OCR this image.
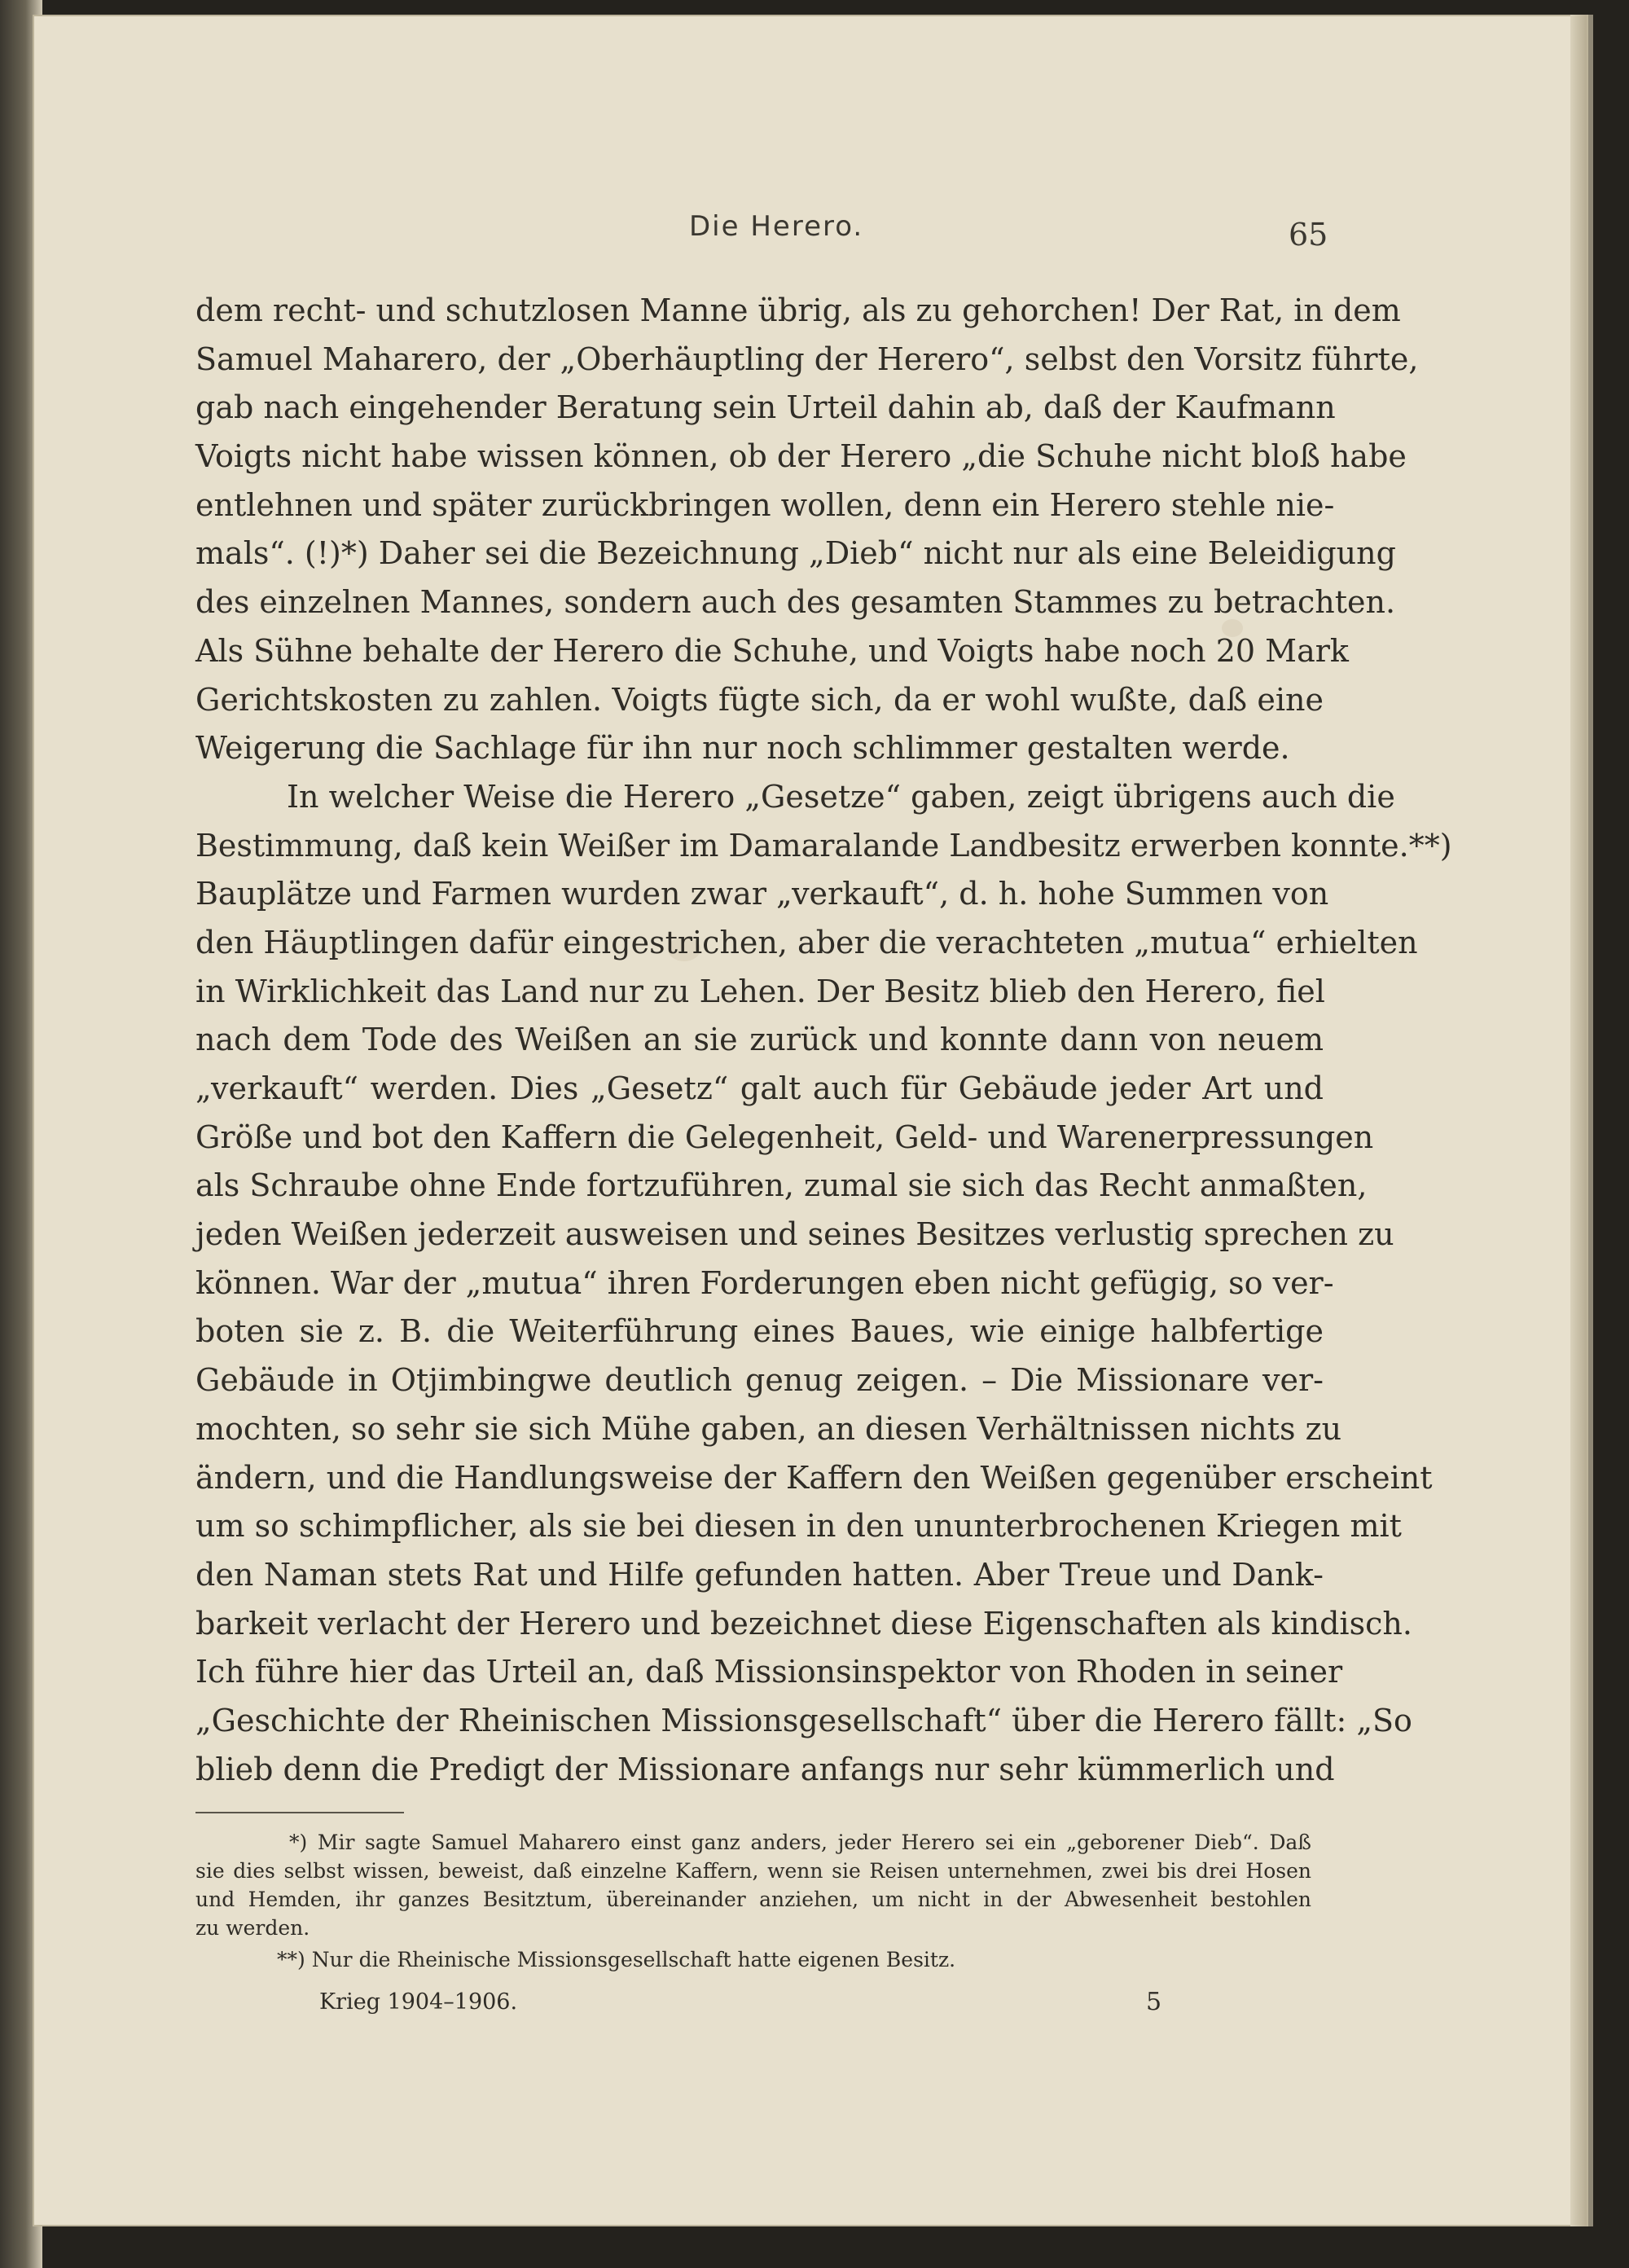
Die Herero.	65
dem recht- und schutzlosen Manne übrig, als zu gehorchen! Der Rat, in dem
Samuel Maharero, der „Oberhäuptling der Herero“, selbst den Vorsitz führte,
gab nach eingehender Beratung sein Urteil dahin ab, daß der Kaufmann
Voigts nicht habe wissen können, ob der Herero „die Schuhe nicht bloß habe
entlehnen und später zurückbringen wollen, denn ein Herero stehle nie-
mals“. (!)*) Daher sei die Bezeichnung „Dieb“ nicht nur als eine Beleidigung
des einzelnen Mannes, sondern auch des gesamten Stammes zu betrachten.
Als Sühne behalte der Herero die Schuhe, und Voigts habe noch 20 Mark
Gerichtskosten zu zahlen. Voigts fügte sich, da er wohl wußte, daß eine
Weigerung die Sachlage für ihn nur noch schlimmer gestalten werde.
In welcher Weise die Herero „Gesetze“ gaben, zeigt übrigens auch die
Bestimmung, daß kein Weißer im Damaralande Landbesitz erwerben konnte.**)
Bauplätze und Farmen wurden zwar „verkauft“, d. h. hohe Summen von
den Häuptlingen dafür eingestrichen, aber die verachteten „mutua“ erhielten
in Wirklichkeit das Land nur zu Lehen. Der Besitz blieb den Herero, fiel
nach dem Tode des Weißen an sie zurück und konnte dann von neuem
„verkauft“ werden. Dies „Gesetz“ galt auch für Gebäude jeder Art und
Größe und bot den Kaffern die Gelegenheit, Geld- und Warenerpressungen
als Schraube ohne Ende fortzuführen, zumal sie sich das Recht anmaßten,
jeden Weißen jederzeit ausweisen und seines Besitzes verlustig sprechen zu
können. War der „mutua“ ihren Forderungen eben nicht gefügig, so ver-
boten sie z. B. die Weiterführung eines Baues, wie einige halbfertige
Gebäude in Otjimbingwe deutlich genug zeigen. – Die Missionare ver-
mochten, so sehr sie sich Mühe gaben, an diesen Verhältnissen nichts zu
ändern, und die Handlungsweise der Kaffern den Weißen gegenüber erscheint
um so schimpflicher, als sie bei diesen in den ununterbrochenen Kriegen mit
den Naman stets Rat und Hilfe gefunden hatten. Aber Treue und Dank-
barkeit verlacht der Herero und bezeichnet diese Eigenschaften als kindisch.
Ich führe hier das Urteil an, daß Missionsinspektor von Rhoden in seiner
„Geschichte der Rheinischen Missionsgesellschaft“ über die Herero fällt: „So
blieb denn die Predigt der Missionare anfangs nur sehr kümmerlich und
*) Mir sagte Samuel Maharero einst ganz anders, jeder Herero sei ein „geborener Dieb“. Daß
sie dies selbst wissen, beweist, daß einzelne Kaffern, wenn sie Reisen unternehmen, zwei bis drei Hosen
und Hemden, ihr ganzes Besitztum, übereinander anziehen, um nicht in der Abwesenheit bestohlen
zu werden.
**) Nur die Rheinische Missionsgesellschaft hatte eigenen Besitz.
Krieg 1904–1906.	5
